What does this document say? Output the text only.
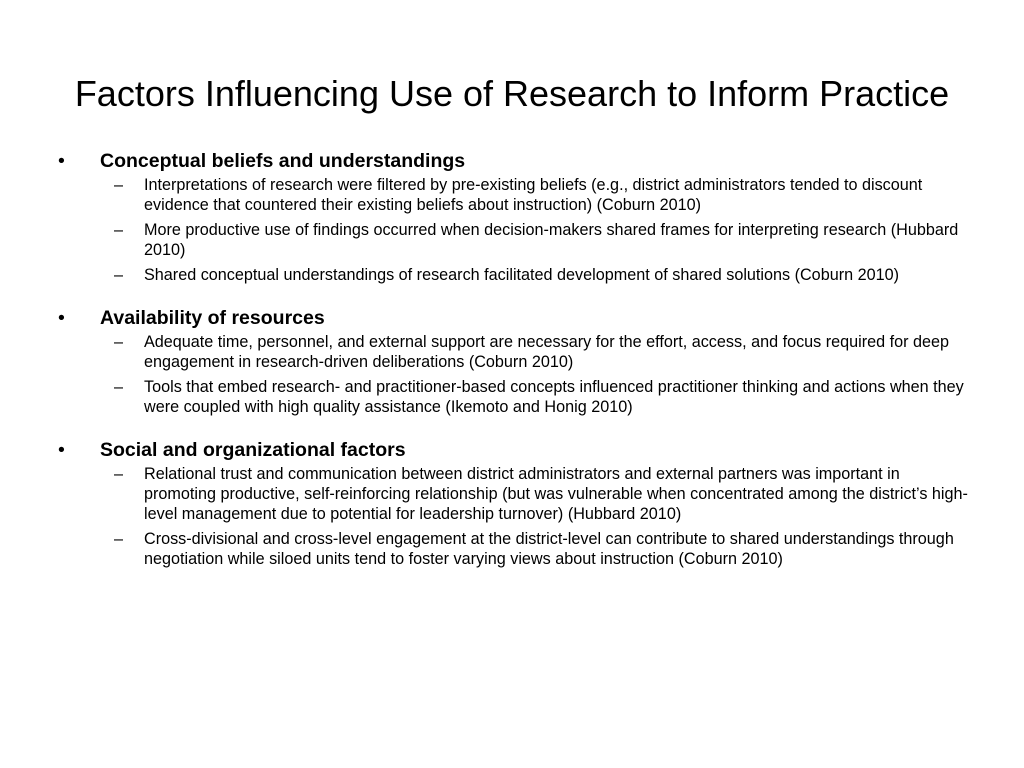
Factors Influencing Use of Research to Inform Practice
• Conceptual beliefs and understandings
– Interpretations of research were filtered by pre-existing beliefs (e.g., district administrators tended to discount evidence that countered their existing beliefs about instruction) (Coburn 2010)
– More productive use of findings occurred when decision-makers shared frames for interpreting research (Hubbard 2010)
– Shared conceptual understandings of research facilitated development of shared solutions (Coburn 2010)
• Availability of resources
– Adequate time, personnel, and external support are necessary for the effort, access, and focus required for deep engagement in research-driven deliberations (Coburn 2010)
– Tools that embed research- and practitioner-based concepts influenced practitioner thinking and actions when they were coupled with high quality assistance (Ikemoto and Honig 2010)
• Social and organizational factors
– Relational trust and communication between district administrators and external partners was important in promoting productive, self-reinforcing relationship (but was vulnerable when concentrated among the district’s high-level management due to potential for leadership turnover) (Hubbard 2010)
– Cross-divisional and cross-level engagement at the district-level can contribute to shared understandings through negotiation while siloed units tend to foster varying views about instruction (Coburn 2010)
